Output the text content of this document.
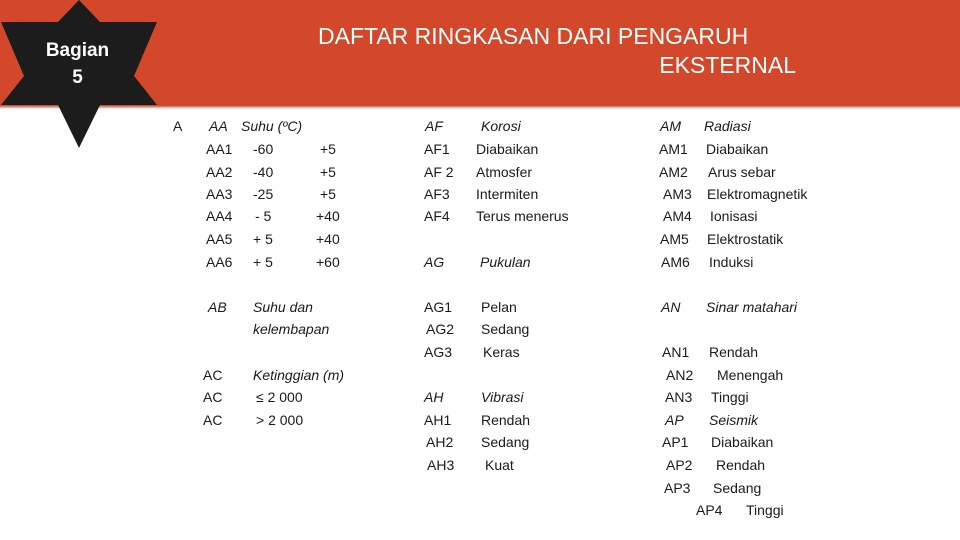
Bagian
5
DAFTAR RINGKASAN DARI PENGARUH
EKSTERNAL
A AA Suhu (ºC)
AA1 -60	+5
AA2 -40	+5
AA3 -25	+5
AA4 - 5	+40
AA5 + 5	+40
AA6 + 5	+60
AB Suhu dan
kelembapan
AC Ketinggian (m)
AC ≤ 2 000
AC > 2 000
AF	Korosi
AF1 Diabaikan
AF 2 Atmosfer
AF3 Intermiten
AF4 Terus menerus
AG	Pukulan
AG1 Pelan
AG2 Sedang
AG3 Keras
AH	Vibrasi
AH1 Rendah
AH2 Sedang
AH3 Kuat
AM Radiasi
AM1 Diabaikan
AM2 Arus sebar
AM3 Elektromagnetik
AM4 Ionisasi
AM5 Elektrostatik
AM6 Induksi
AN Sinar matahari
AN1 Rendah
AN2 Menengah
AN3 Tinggi
AP Seismik
AP1 Diabaikan
AP2 Rendah
AP3 Sedang
AP4 Tinggi
